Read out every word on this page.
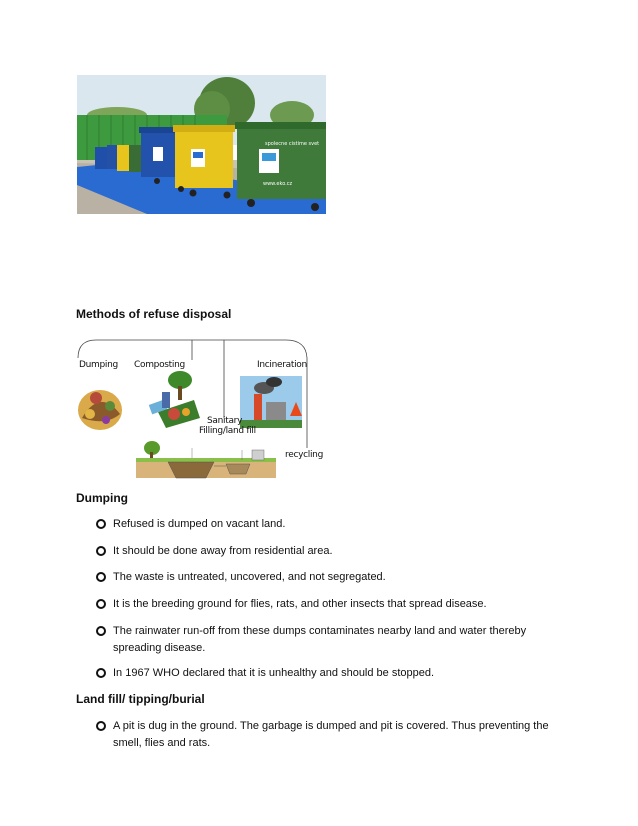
spolecne cistime svet
www.eko.cz
Methods of refuse disposal
Dumping Composting	Incineration
Sanitary
Filling/land fill
recycling
Dumping
Refused is dumped on vacant land.
It should be done away from residential area.
The waste is untreated, uncovered, and not segregated.
It is the breeding ground for flies, rats, and other insects that spread disease.
The rainwater run-off from these dumps contaminates nearby land and water thereby spreading disease.
In 1967 WHO declared that it is unhealthy and should be stopped.
Land fill/ tipping/burial
A pit is dug in the ground. The garbage is dumped and pit is covered. Thus preventing the smell, flies and rats.
